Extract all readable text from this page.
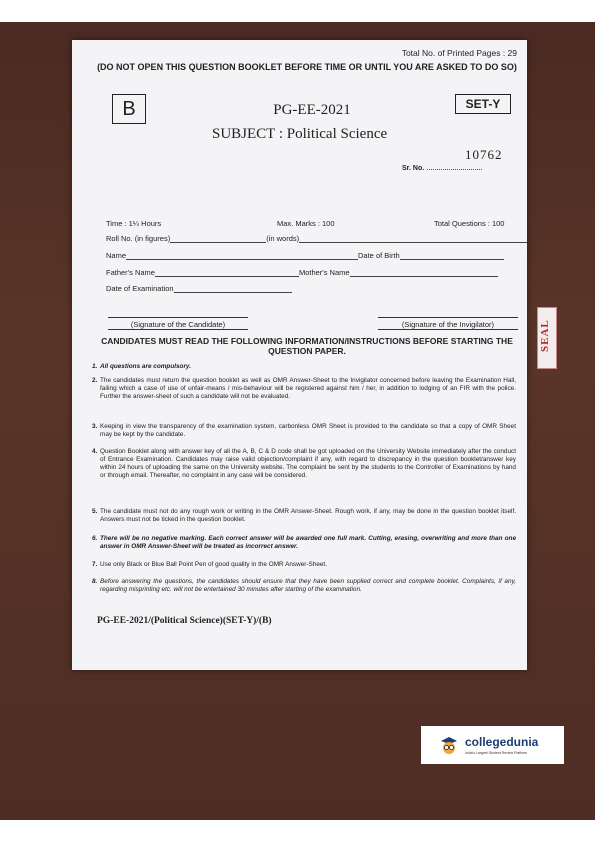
Total No. of Printed Pages : 29
(DO NOT OPEN THIS QUESTION BOOKLET BEFORE TIME OR UNTIL YOU ARE ASKED TO DO SO)
B	SET-Y
PG-EE-2021
SUBJECT : Political Science
10762
Sr. No.
Time : 1¼ Hours	Max. Marks : 100	Total Questions : 100
Roll No. (in figures)	(in words)
Name	Date of Birth
Father's Name	Mother's Name
Date of Examination
(Signature of the Candidate)	(Signature of the Invigilator)
CANDIDATES MUST READ THE FOLLOWING INFORMATION/INSTRUCTIONS BEFORE STARTING THE QUESTION PAPER.
1. All questions are compulsory.
2. The candidates must return the question booklet as well as OMR Answer-Sheet to the Invigilator concerned before leaving the Examination Hall, failing which a case of use of unfair-means / mis-behaviour will be registered against him / her, in addition to lodging of an FIR with the police. Further the answer-sheet of such a candidate will not be evaluated.
3. Keeping in view the transparency of the examination system, carbonless OMR Sheet is provided to the candidate so that a copy of OMR Sheet may be kept by the candidate.
4. Question Booklet along with answer key of all the A, B, C & D code shall be got uploaded on the University Website immediately after the conduct of Entrance Examination. Candidates may raise valid objection/complaint if any, with regard to discrepancy in the question booklet/answer key within 24 hours of uploading the same on the University website. The complaint be sent by the students to the Controller of Examinations by hand or through email. Thereafter, no complaint in any case will be considered.
5. The candidate must not do any rough work or writing in the OMR Answer-Sheet. Rough work, if any, may be done in the question booklet itself. Answers must not be ticked in the question booklet.
6. There will be no negative marking. Each correct answer will be awarded one full mark. Cutting, erasing, overwriting and more than one answer in OMR Answer-Sheet will be treated as incorrect answer.
7. Use only Black or Blue Ball Point Pen of good quality in the OMR Answer-Sheet.
8. Before answering the questions, the candidates should ensure that they have been supplied correct and complete booklet. Complaints, if any, regarding misprinting etc. will not be entertained 30 minutes after starting of the examination.
PG-EE-2021/(Political Science)(SET-Y)/(B)
SEAL
collegedunia
India's Largest Student Review Platform
